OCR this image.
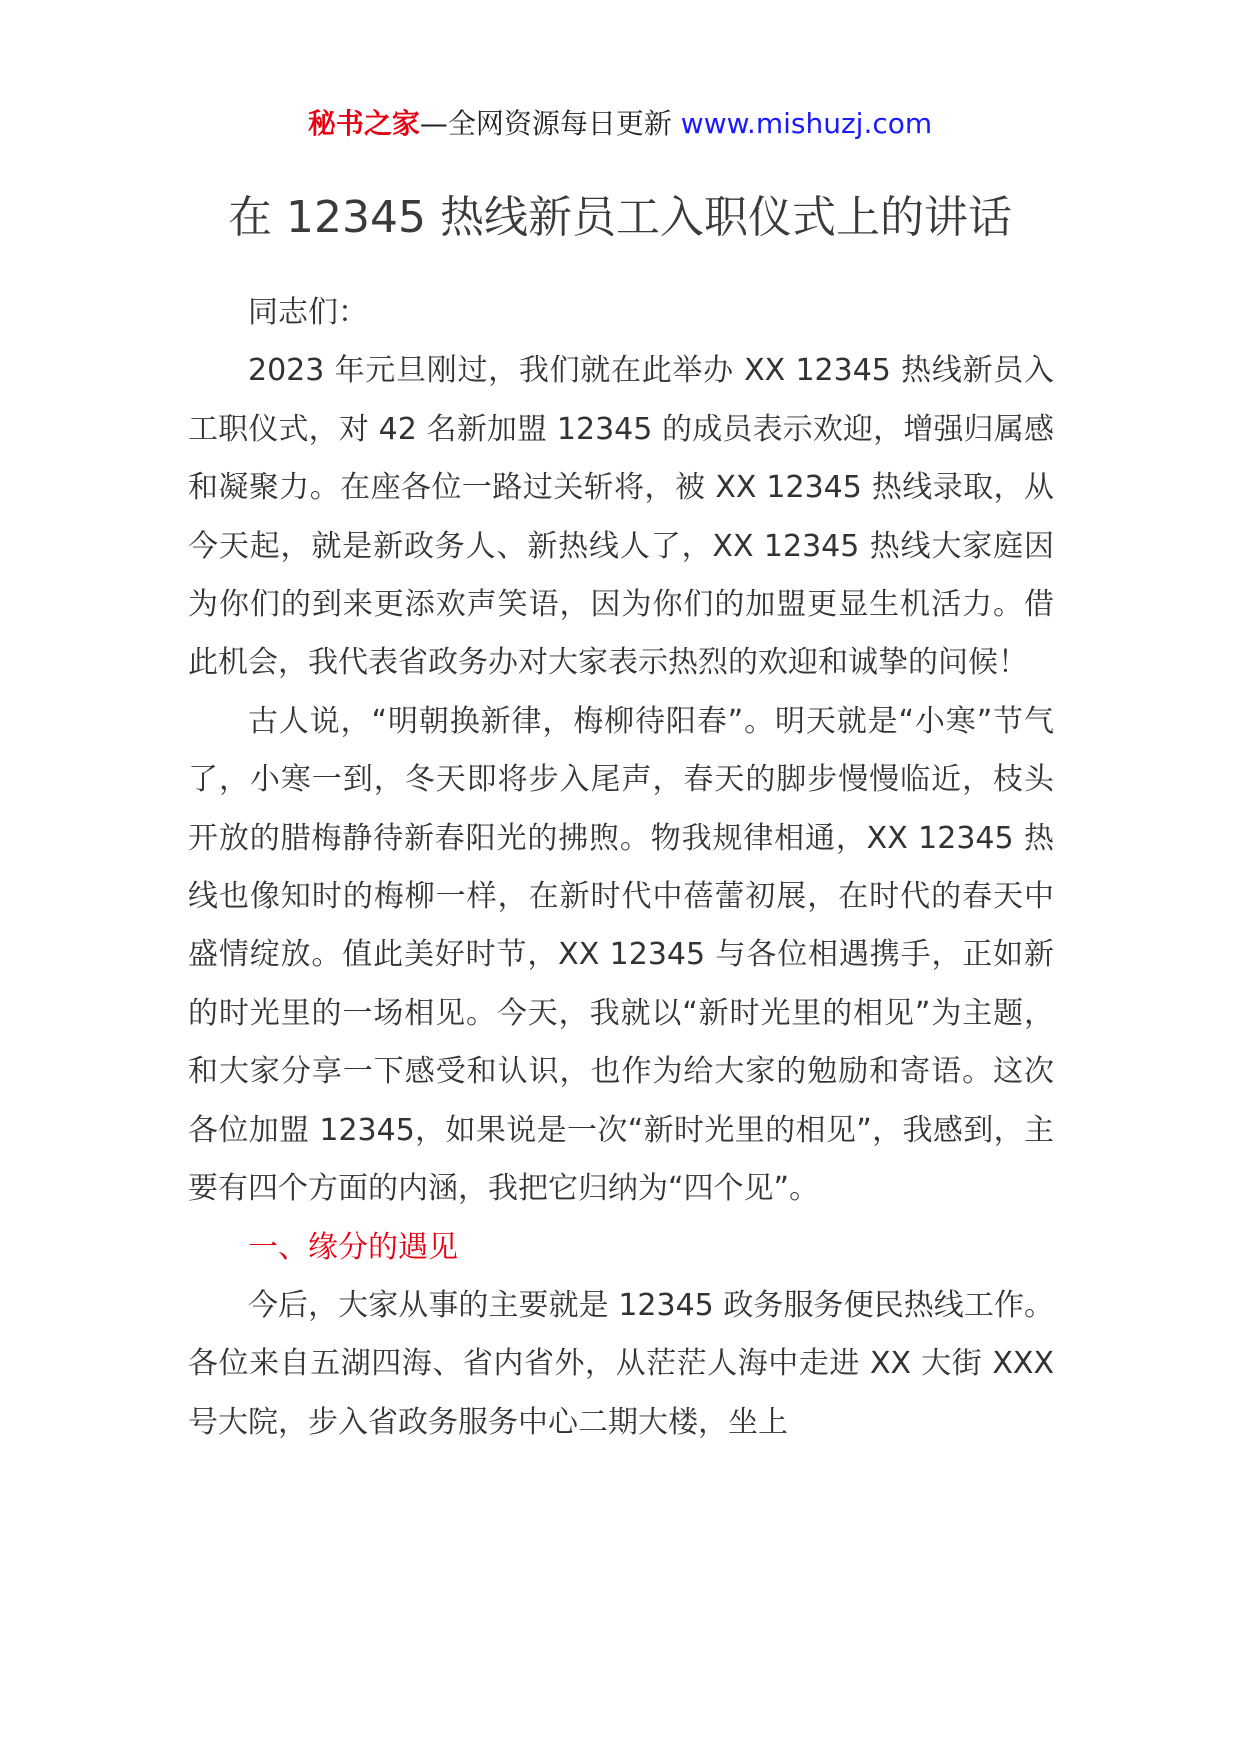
秘书之家—全网资源每日更新 www.mishuzj.com
在 12345 热线新员工入职仪式上的讲话

同志们：

2023 年元旦刚过，我们就在此举办 XX 12345 热线新员入工职仪式，对 42 名新加盟 12345 的成员表示欢迎，增强归属感和凝聚力。在座各位一路过关斩将，被 XX 12345 热线录取，从今天起，就是新政务人、新热线人了，XX 12345 热线大家庭因为你们的到来更添欢声笑语，因为你们的加盟更显生机活力。借此机会，我代表省政务办对大家表示热烈的欢迎和诚挚的问候！

古人说，“明朝换新律，梅柳待阳春”。明天就是“小寒”节气了，小寒一到，冬天即将步入尾声，春天的脚步慢慢临近，枝头开放的腊梅静待新春阳光的拂煦。物我规律相通，XX 12345 热线也像知时的梅柳一样，在新时代中蓓蕾初展，在时代的春天中盛情绽放。值此美好时节，XX 12345 与各位相遇携手，正如新的时光里的一场相见。今天，我就以“新时光里的相见”为主题，和大家分享一下感受和认识，也作为给大家的勉励和寄语。这次各位加盟 12345，如果说是一次“新时光里的相见”，我感到，主要有四个方面的内涵，我把它归纳为“四个见”。

一、缘分的遇见

今后，大家从事的主要就是 12345 政务服务便民热线工作。各位来自五湖四海、省内省外，从茫茫人海中走进 XX 大街 XXX 号大院，步入省政务服务中心二期大楼，坐上
